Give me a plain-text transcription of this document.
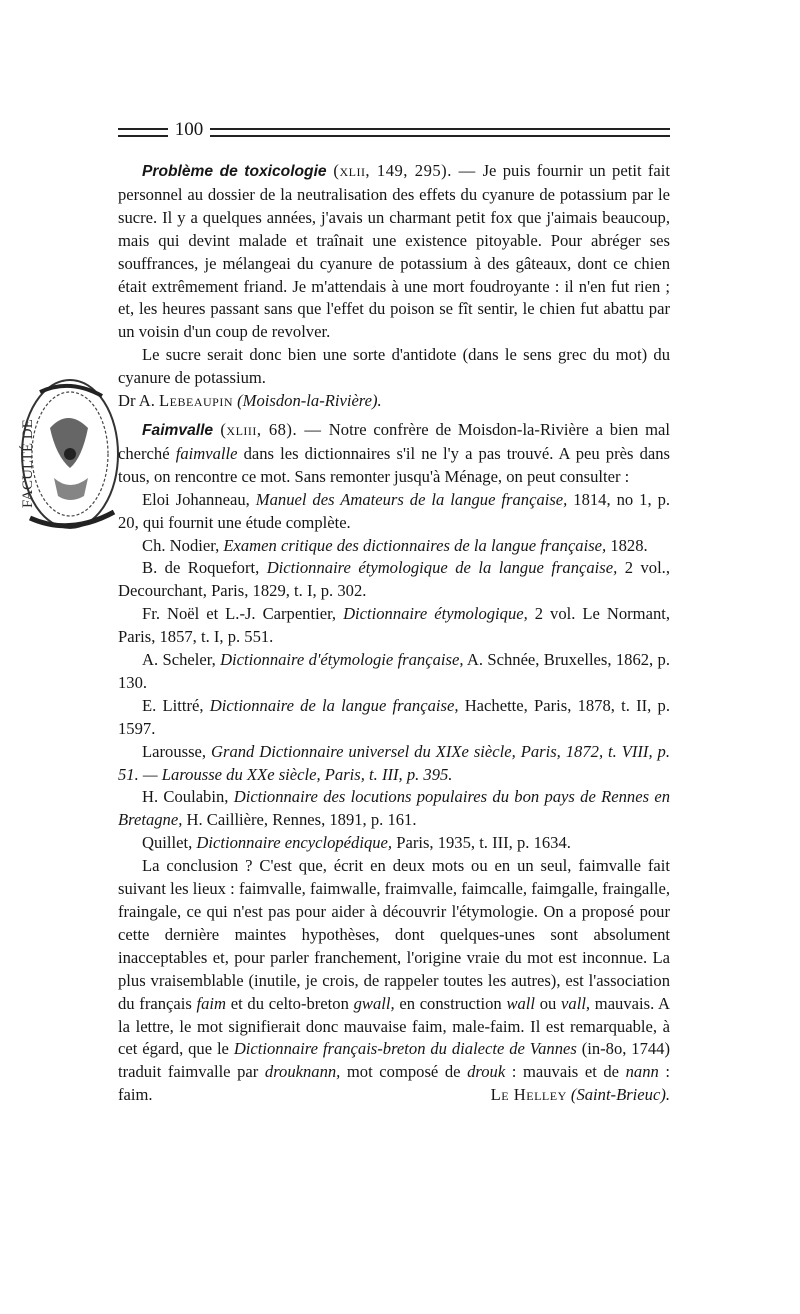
100
FACULTÉ DE

Problème de toxicologie (xlii, 149, 295). — Je puis fournir un petit fait personnel au dossier de la neutralisation des effets du cyanure de potassium par le sucre. Il y a quelques années, j'avais un charmant petit fox que j'aimais beaucoup, mais qui devint malade et traînait une existence pitoyable. Pour abréger ses souffrances, je mélangeai du cyanure de potassium à des gâteaux, dont ce chien était extrêmement friand. Je m'attendais à une mort foudroyante : il n'en fut rien ; et, les heures passant sans que l'effet du poison se fît sentir, le chien fut abattu par un voisin d'un coup de revolver.

Le sucre serait donc bien une sorte d'antidote (dans le sens grec du mot) du cyanure de potassium.

Dr A. Lebeaupin (Moisdon-la-Rivière).

Faimvalle (xliii, 68). — Notre confrère de Moisdon-la-Rivière a bien mal cherché faimvalle dans les dictionnaires s'il ne l'y a pas trouvé. A peu près dans tous, on rencontre ce mot. Sans remonter jusqu'à Ménage, on peut consulter :

Eloi Johanneau, Manuel des Amateurs de la langue française, 1814, no 1, p. 20, qui fournit une étude complète.

Ch. Nodier, Examen critique des dictionnaires de la langue française, 1828.

B. de Roquefort, Dictionnaire étymologique de la langue française, 2 vol., Decourchant, Paris, 1829, t. I, p. 302.

Fr. Noël et L.-J. Carpentier, Dictionnaire étymologique, 2 vol. Le Normant, Paris, 1857, t. I, p. 551.

A. Scheler, Dictionnaire d'étymologie française, A. Schnée, Bruxelles, 1862, p. 130.

E. Littré, Dictionnaire de la langue française, Hachette, Paris, 1878, t. II, p. 1597.

Larousse, Grand Dictionnaire universel du XIXe siècle, Paris, 1872, t. VIII, p. 51. — Larousse du XXe siècle, Paris, t. III, p. 395.

H. Coulabin, Dictionnaire des locutions populaires du bon pays de Rennes en Bretagne, H. Caillière, Rennes, 1891, p. 161.

Quillet, Dictionnaire encyclopédique, Paris, 1935, t. III, p. 1634.

La conclusion ? C'est que, écrit en deux mots ou en un seul, faimvalle fait suivant les lieux : faimvalle, faimwalle, fraimvalle, faimcalle, faimgalle, fraingalle, fraingale, ce qui n'est pas pour aider à découvrir l'étymologie. On a proposé pour cette dernière maintes hypothèses, dont quelques-unes sont absolument inacceptables et, pour parler franchement, l'origine vraie du mot est inconnue. La plus vraisemblable (inutile, je crois, de rappeler toutes les autres), est l'association du français faim et du celto-breton gwall, en construction wall ou vall, mauvais. A la lettre, le mot signifierait donc mauvaise faim, male-faim. Il est remarquable, à cet égard, que le Dictionnaire français-breton du dialecte de Vannes (in-8o, 1744) traduit faimvalle par drouknann, mot composé de drouk : mauvais et de nann : faim.	Le Helley (Saint-Brieuc).
